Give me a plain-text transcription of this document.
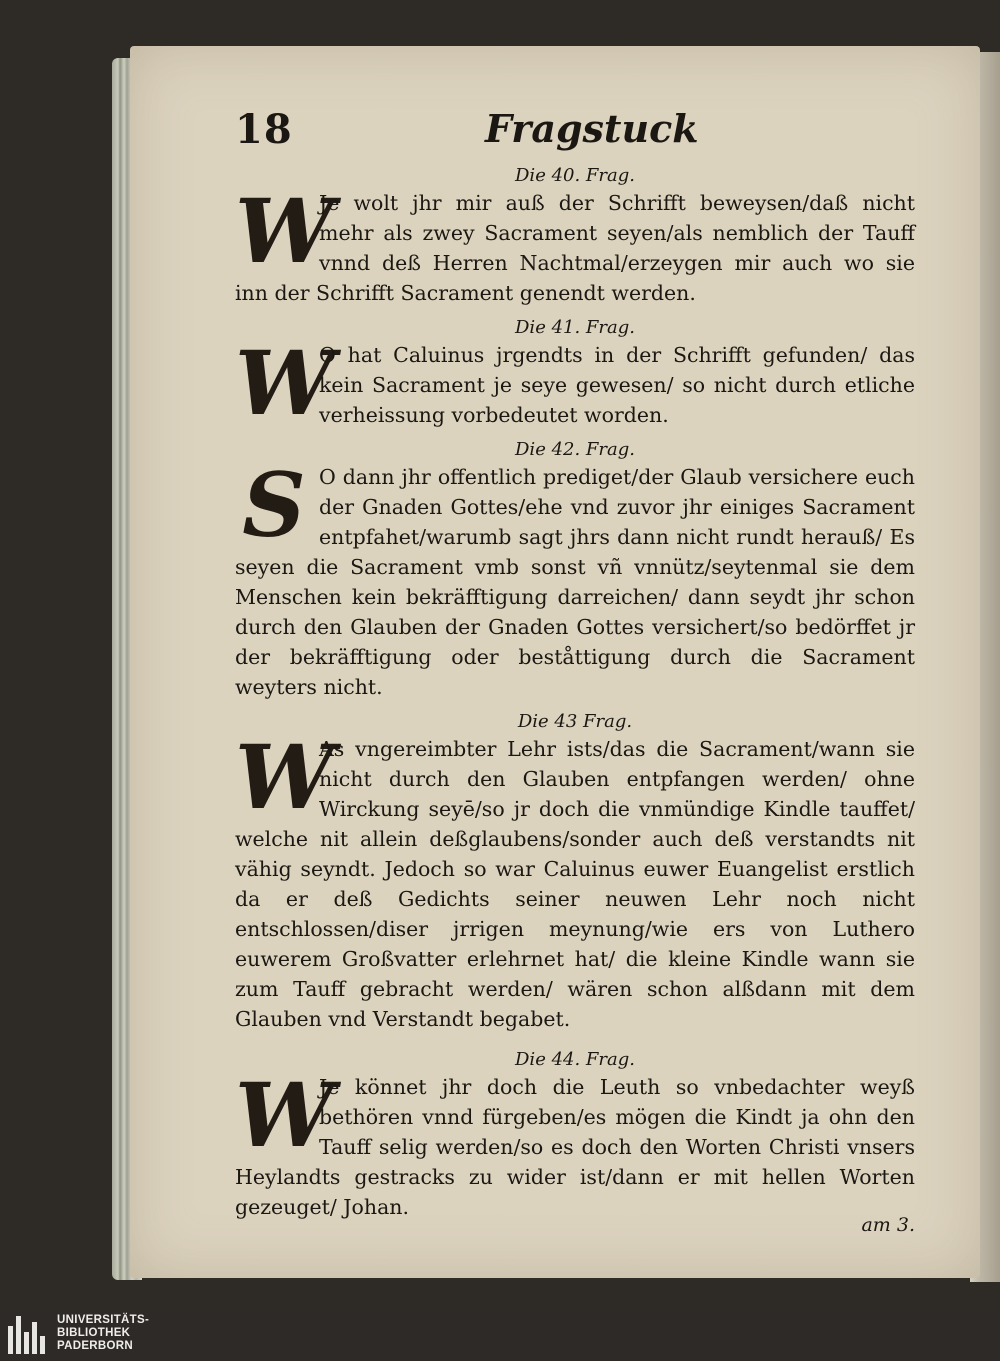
18	Fragstuck

Die 40. Frag.

W
Je wolt jhr mir auß der Schrifft beweysen/daß nicht mehr als zwey Sacrament seyen/als nemblich der Tauff vnnd deß Herren Nachtmal/erzeygen mir auch wo sie inn der Schrifft Sacrament genendt werden.

Die 41. Frag.

W
O hat Caluinus jrgendts in der Schrifft gefunden/ das kein Sacrament je seye gewesen/ so nicht durch etliche verheissung vorbedeutet worden.

Die 42. Frag.

S O dann jhr offentlich prediget/der Glaub versichere euch der Gnaden Gottes/ehe vnd zuvor jhr einiges Sacrament entpfahet/warumb sagt jhrs dann nicht rundt herauß/ Es seyen die Sacrament vmb sonst vñ vnnütz/seytenmal sie dem Menschen kein bekräfftigung darreichen/ dann seydt jhr schon durch den Glauben der Gnaden Gottes versichert/so bedörffet jr der bekräfftigung oder beståttigung durch die Sacrament weyters nicht.

Die 43 Frag.

W
As vngereimbter Lehr ists/das die Sacrament/wann sie nicht durch den Glauben entpfangen werden/ ohne Wirckung seyē/so jr doch die vnmündige Kindle tauffet/ welche nit allein deßglaubens/sonder auch deß verstandts nit vähig seyndt. Jedoch so war Caluinus euwer Euangelist erstlich da er deß Gedichts seiner neuwen Lehr noch nicht entschlossen/diser jrrigen meynung/wie ers von Luthero euwerem Großvatter erlehrnet hat/ die kleine Kindle wann sie zum Tauff gebracht werden/ wären schon alßdann mit dem Glauben vnd Verstandt begabet.

Die 44. Frag.

W
Je könnet jhr doch die Leuth so vnbedachter weyß bethören vnnd fürgeben/es mögen die Kindt ja ohn den Tauff selig werden/so es doch den Worten Christi vnsers Heylandts gestracks zu wider ist/dann er mit hellen Worten gezeuget/ Johan.

am 3.
UNIVERSITÄTS-
BIBLIOTHEK
PADERBORN
